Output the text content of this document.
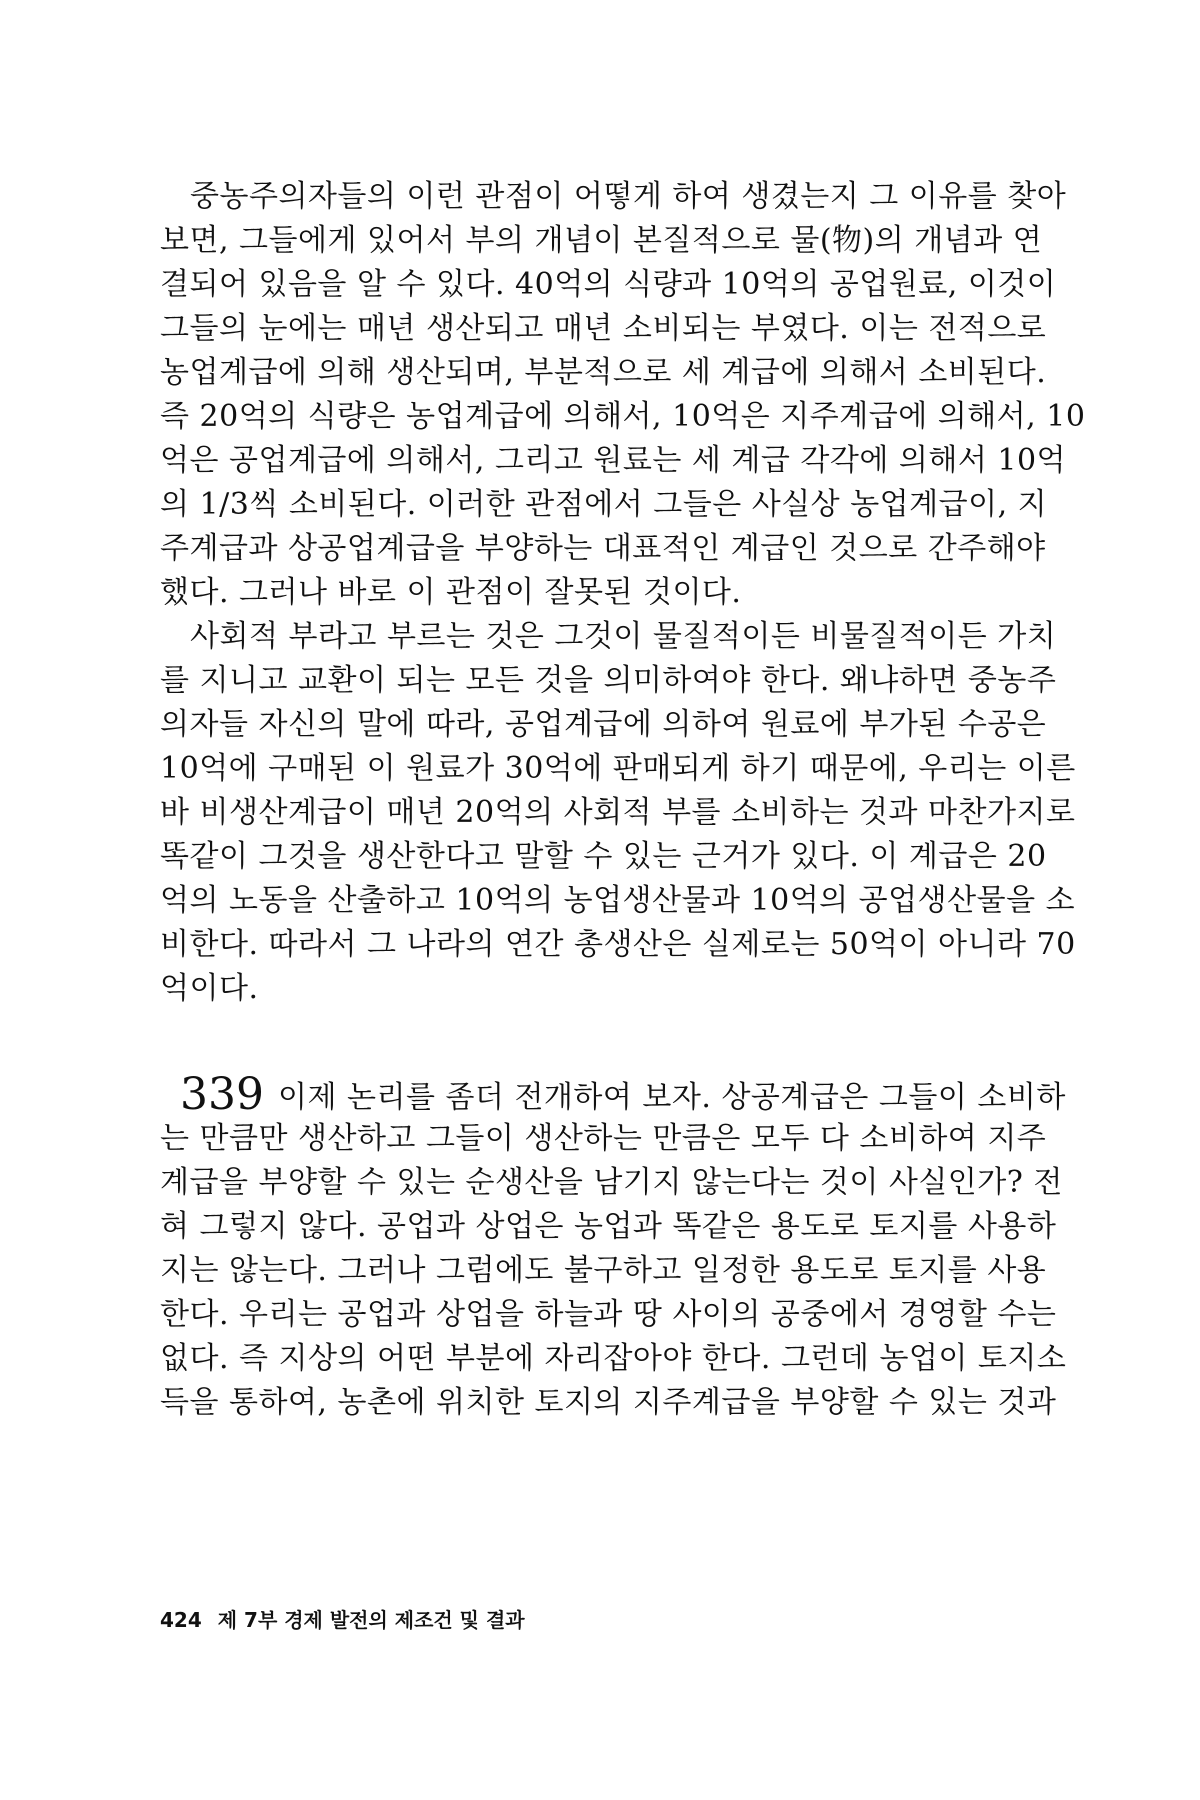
중농주의자들의 이런 관점이 어떻게 하여 생겼는지 그 이유를 찾아
보면, 그들에게 있어서 부의 개념이 본질적으로 물(物)의 개념과 연
결되어 있음을 알 수 있다. 40억의 식량과 10억의 공업원료, 이것이
그들의 눈에는 매년 생산되고 매년 소비되는 부였다. 이는 전적으로
농업계급에 의해 생산되며, 부분적으로 세 계급에 의해서 소비된다.
즉 20억의 식량은 농업계급에 의해서, 10억은 지주계급에 의해서, 10
억은 공업계급에 의해서, 그리고 원료는 세 계급 각각에 의해서 10억
의 1/3씩 소비된다. 이러한 관점에서 그들은 사실상 농업계급이, 지
주계급과 상공업계급을 부양하는 대표적인 계급인 것으로 간주해야
했다. 그러나 바로 이 관점이 잘못된 것이다.
사회적 부라고 부르는 것은 그것이 물질적이든 비물질적이든 가치
를 지니고 교환이 되는 모든 것을 의미하여야 한다. 왜냐하면 중농주
의자들 자신의 말에 따라, 공업계급에 의하여 원료에 부가된 수공은
10억에 구매된 이 원료가 30억에 판매되게 하기 때문에, 우리는 이른
바 비생산계급이 매년 20억의 사회적 부를 소비하는 것과 마찬가지로
똑같이 그것을 생산한다고 말할 수 있는 근거가 있다. 이 계급은 20
억의 노동을 산출하고 10억의 농업생산물과 10억의 공업생산물을 소
비한다. 따라서 그 나라의 연간 총생산은 실제로는 50억이 아니라 70
억이다.
339 이제 논리를 좀더 전개하여 보자. 상공계급은 그들이 소비하
는 만큼만 생산하고 그들이 생산하는 만큼은 모두 다 소비하여 지주
계급을 부양할 수 있는 순생산을 남기지 않는다는 것이 사실인가? 전
혀 그렇지 않다. 공업과 상업은 농업과 똑같은 용도로 토지를 사용하
지는 않는다. 그러나 그럼에도 불구하고 일정한 용도로 토지를 사용
한다. 우리는 공업과 상업을 하늘과 땅 사이의 공중에서 경영할 수는
없다. 즉 지상의 어떤 부분에 자리잡아야 한다. 그런데 농업이 토지소
득을 통하여, 농촌에 위치한 토지의 지주계급을 부양할 수 있는 것과
424 제 7부 경제 발전의 제조건 및 결과
